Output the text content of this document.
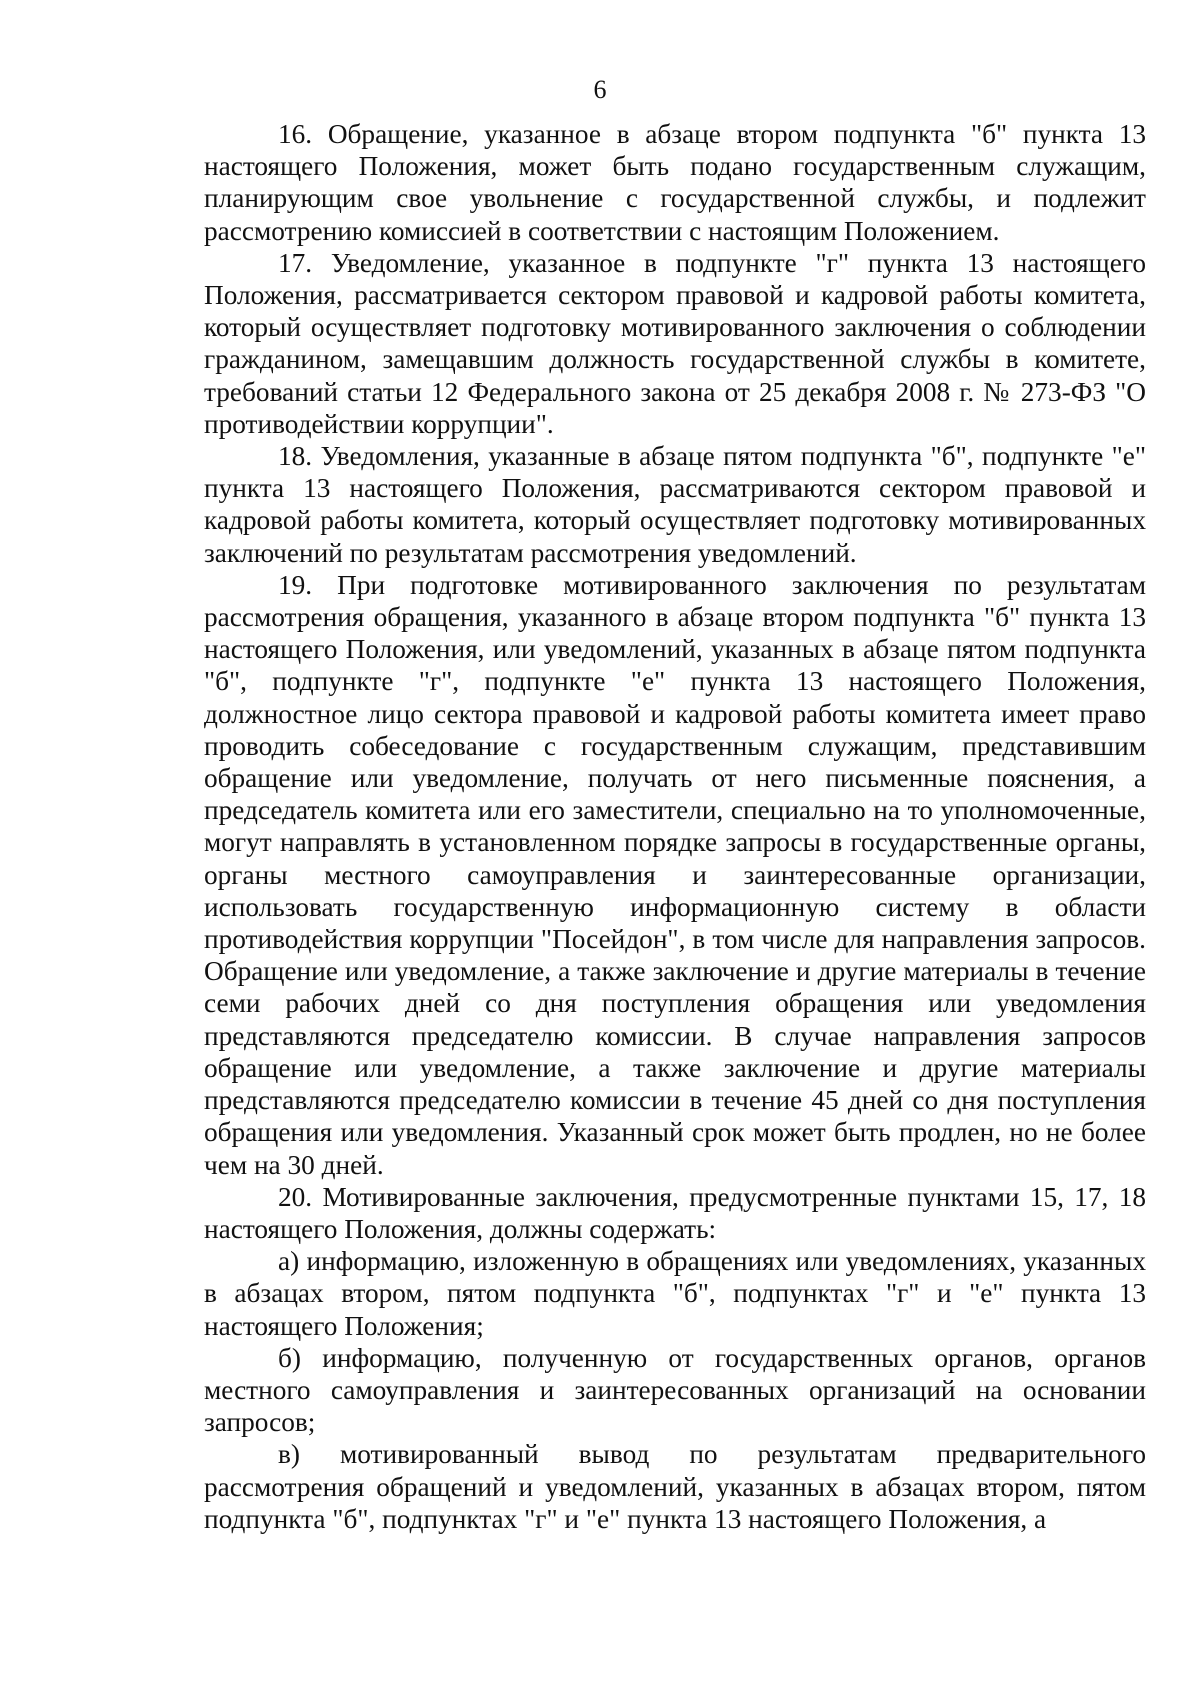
6

16. Обращение, указанное в абзаце втором подпункта "б" пункта 13 настоящего Положения, может быть подано государственным служащим, планирующим свое увольнение с государственной службы, и подлежит рассмотрению комиссией в соответствии с настоящим Положением.

17. Уведомление, указанное в подпункте "г" пункта 13 настоящего Положения, рассматривается сектором правовой и кадровой работы комитета, который осуществляет подготовку мотивированного заключения о соблюдении гражданином, замещавшим должность государственной службы в комитете, требований статьи 12 Федерального закона от 25 декабря 2008 г. № 273-ФЗ "О противодействии коррупции".

18. Уведомления, указанные в абзаце пятом подпункта "б", подпункте "е" пункта 13 настоящего Положения, рассматриваются сектором правовой и кадровой работы комитета, который осуществляет подготовку мотивированных заключений по результатам рассмотрения уведомлений.

19. При подготовке мотивированного заключения по результатам рассмотрения обращения, указанного в абзаце втором подпункта "б" пункта 13 настоящего Положения, или уведомлений, указанных в абзаце пятом подпункта "б", подпункте "г", подпункте "е" пункта 13 настоящего Положения, должностное лицо сектора правовой и кадровой работы комитета имеет право проводить собеседование с государственным служащим, представившим обращение или уведомление, получать от него письменные пояснения, а председатель комитета или его заместители, специально на то уполномоченные, могут направлять в установленном порядке запросы в государственные органы, органы местного самоуправления и заинтересованные организации, использовать государственную информационную систему в области противодействия коррупции "Посейдон", в том числе для направления запросов. Обращение или уведомление, а также заключение и другие материалы в течение семи рабочих дней со дня поступления обращения или уведомления представляются председателю комиссии. В случае направления запросов обращение или уведомление, а также заключение и другие материалы представляются председателю комиссии в течение 45 дней со дня поступления обращения или уведомления. Указанный срок может быть продлен, но не более чем на 30 дней.

20. Мотивированные заключения, предусмотренные пунктами 15, 17, 18 настоящего Положения, должны содержать:

а) информацию, изложенную в обращениях или уведомлениях, указанных в абзацах втором, пятом подпункта "б", подпунктах "г" и "е" пункта 13 настоящего Положения;

б) информацию, полученную от государственных органов, органов местного самоуправления и заинтересованных организаций на основании запросов;

в) мотивированный вывод по результатам предварительного рассмотрения обращений и уведомлений, указанных в абзацах втором, пятом подпункта "б", подпунктах "г" и "е" пункта 13 настоящего Положения, а
